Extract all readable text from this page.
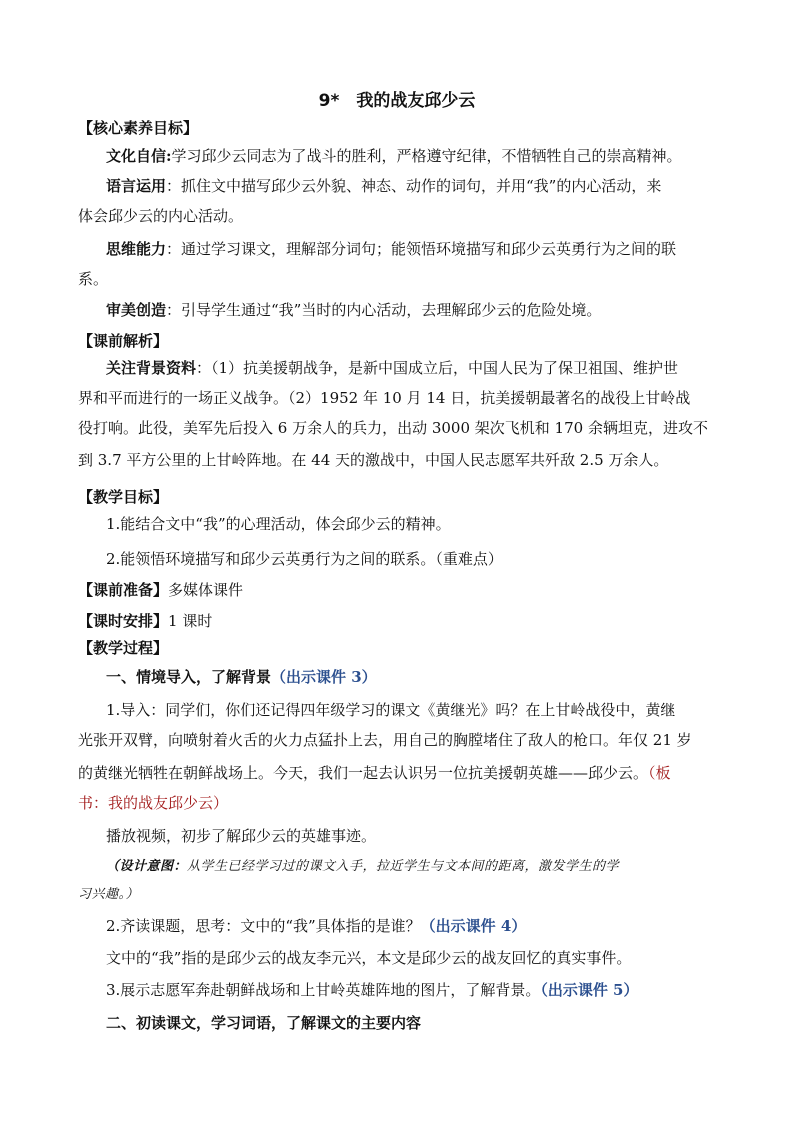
9*　我的战友邱少云
【核心素养目标】
文化自信:学习邱少云同志为了战斗的胜利，严格遵守纪律，不惜牺牲自己的崇高精神。
语言运用：抓住文中描写邱少云外貌、神态、动作的词句，并用“我”的内心活动，来
体会邱少云的内心活动。
思维能力：通过学习课文，理解部分词句；能领悟环境描写和邱少云英勇行为之间的联
系。
审美创造：引导学生通过“我”当时的内心活动，去理解邱少云的危险处境。
【课前解析】
关注背景资料：（1）抗美援朝战争，是新中国成立后，中国人民为了保卫祖国、维护世
界和平而进行的一场正义战争。（2）1952 年 10 月 14 日，抗美援朝最著名的战役上甘岭战
役打响。此役，美军先后投入 6 万余人的兵力，出动 3000 架次飞机和 170 余辆坦克，进攻不
到 3.7 平方公里的上甘岭阵地。在 44 天的激战中，中国人民志愿军共歼敌 2.5 万余人。
【教学目标】
1.能结合文中“我”的心理活动，体会邱少云的精神。
2.能领悟环境描写和邱少云英勇行为之间的联系。（重难点）
【课前准备】多媒体课件
【课时安排】1 课时
【教学过程】
一、情境导入，了解背景（出示课件 3）
1.导入：同学们，你们还记得四年级学习的课文《黄继光》吗？在上甘岭战役中，黄继
光张开双臂，向喷射着火舌的火力点猛扑上去，用自己的胸膛堵住了敌人的枪口。年仅 21 岁
的黄继光牺牲在朝鲜战场上。今天，我们一起去认识另一位抗美援朝英雄——邱少云。（板
书：我的战友邱少云）
播放视频，初步了解邱少云的英雄事迹。
（设计意图：从学生已经学习过的课文入手，拉近学生与文本间的距离，激发学生的学
习兴趣。）
2.齐读课题，思考：文中的“我”具体指的是谁？（出示课件 4）
文中的“我”指的是邱少云的战友李元兴，本文是邱少云的战友回忆的真实事件。
3.展示志愿军奔赴朝鲜战场和上甘岭英雄阵地的图片，了解背景。（出示课件 5）
二、初读课文，学习词语，了解课文的主要内容
